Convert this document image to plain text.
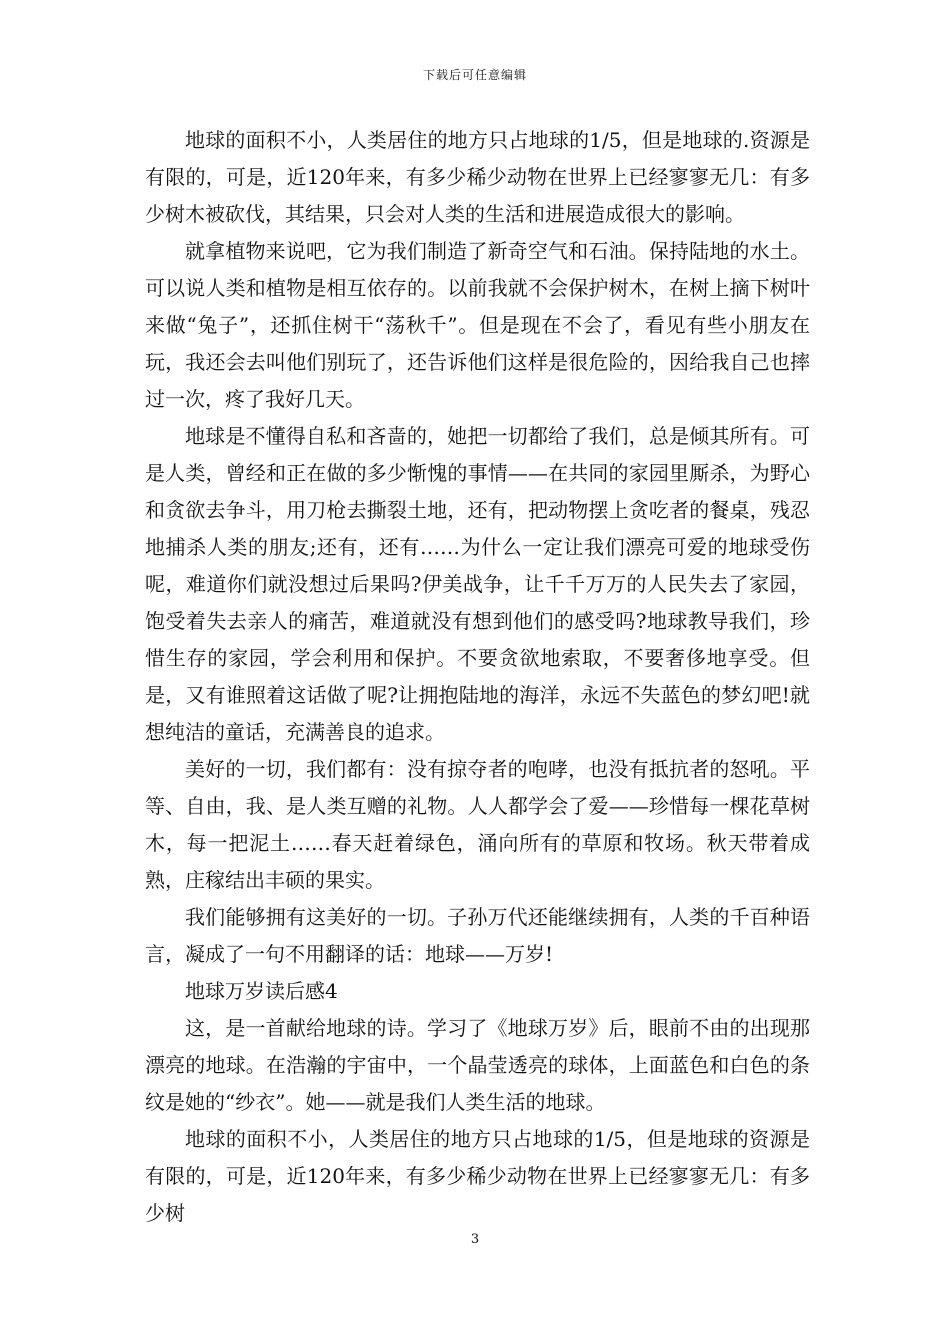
下载后可任意编辑

地球的面积不小，人类居住的地方只占地球的1/5，但是地球的.资源是有限的，可是，近120年来，有多少稀少动物在世界上已经寥寥无几：有多少树木被砍伐，其结果，只会对人类的生活和进展造成很大的影响。

就拿植物来说吧，它为我们制造了新奇空气和石油。保持陆地的水土。可以说人类和植物是相互依存的。以前我就不会保护树木，在树上摘下树叶来做“兔子”，还抓住树干“荡秋千”。但是现在不会了，看见有些小朋友在玩，我还会去叫他们别玩了，还告诉他们这样是很危险的，因给我自己也摔过一次，疼了我好几天。

地球是不懂得自私和吝啬的，她把一切都给了我们，总是倾其所有。可是人类，曾经和正在做的多少惭愧的事情——在共同的家园里厮杀，为野心和贪欲去争斗，用刀枪去撕裂土地，还有，把动物摆上贪吃者的餐桌，残忍地捕杀人类的朋友;还有，还有……为什么一定让我们漂亮可爱的地球受伤呢，难道你们就没想过后果吗?伊美战争，让千千万万的人民失去了家园，饱受着失去亲人的痛苦，难道就没有想到他们的感受吗?地球教导我们，珍惜生存的家园，学会利用和保护。不要贪欲地索取，不要奢侈地享受。但是，又有谁照着这话做了呢?让拥抱陆地的海洋，永远不失蓝色的梦幻吧!就想纯洁的童话，充满善良的追求。

美好的一切，我们都有：没有掠夺者的咆哮，也没有抵抗者的怒吼。平等、自由，我、是人类互赠的礼物。人人都学会了爱——珍惜每一棵花草树木，每一把泥土……春天赶着绿色，涌向所有的草原和牧场。秋天带着成熟，庄稼结出丰硕的果实。

我们能够拥有这美好的一切。子孙万代还能继续拥有，人类的千百种语言，凝成了一句不用翻译的话：地球——万岁!

地球万岁读后感4

这，是一首献给地球的诗。学习了《地球万岁》后，眼前不由的出现那漂亮的地球。在浩瀚的宇宙中，一个晶莹透亮的球体，上面蓝色和白色的条纹是她的“纱衣”。她——就是我们人类生活的地球。

地球的面积不小，人类居住的地方只占地球的1/5，但是地球的资源是有限的，可是，近120年来，有多少稀少动物在世界上已经寥寥无几：有多少树

3
